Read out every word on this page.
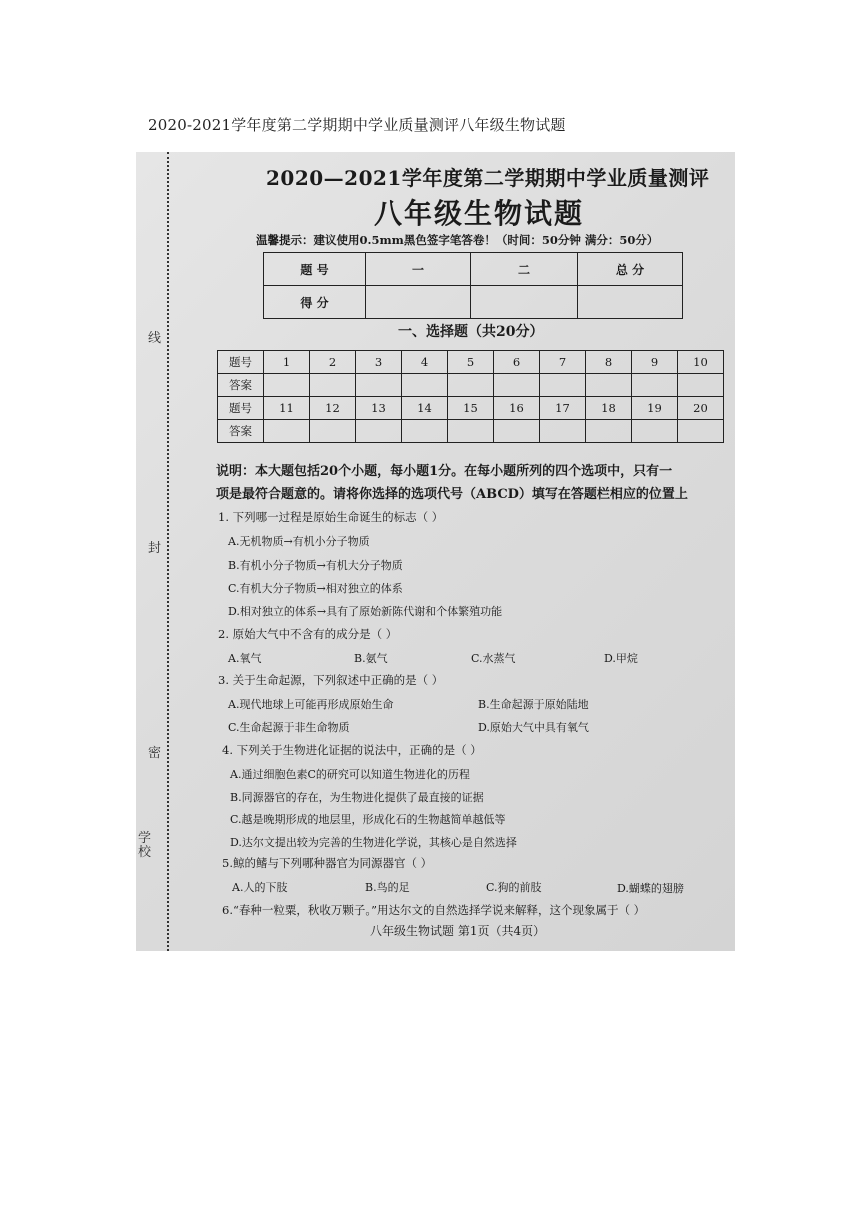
2020-2021学年度第二学期期中学业质量测评八年级生物试题
线
封
密
学校
2020—2021学年度第二学期期中学业质量测评
八年级生物试题
温馨提示：建议使用0.5mm黑色签字笔答卷！（时间：50分钟 满分：50分）
题 号	一	二	总 分
得 分			
一、选择题（共20分）
题号	1	2	3	4	5	6	7	8	9	10
答案										
题号	11	12	13	14	15	16	17	18	19	20
答案										
说明：本大题包括20个小题，每小题1分。在每小题所列的四个选项中，只有一
项是最符合题意的。请将你选择的选项代号（ABCD）填写在答题栏相应的位置上
1. 下列哪一过程是原始生命诞生的标志（ ）
A.无机物质→有机小分子物质
B.有机小分子物质→有机大分子物质
C.有机大分子物质→相对独立的体系
D.相对独立的体系→具有了原始新陈代谢和个体繁殖功能
2. 原始大气中不含有的成分是（ ）
A.氧气	B.氨气	C.水蒸气	D.甲烷
3. 关于生命起源，下列叙述中正确的是（ ）
A.现代地球上可能再形成原始生命	B.生命起源于原始陆地
C.生命起源于非生命物质	D.原始大气中具有氧气
4. 下列关于生物进化证据的说法中，正确的是（ ）
A.通过细胞色素C的研究可以知道生物进化的历程
B.同源器官的存在，为生物进化提供了最直接的证据
C.越是晚期形成的地层里，形成化石的生物越简单越低等
D.达尔文提出较为完善的生物进化学说，其核心是自然选择
5.鲸的鳍与下列哪种器官为同源器官（ ）
A.人的下肢	B.鸟的足	C.狗的前肢	D.蝴蝶的翅膀
6.“春种一粒粟，秋收万颗子。”用达尔文的自然选择学说来解释，这个现象属于（ ）
八年级生物试题 第1页（共4页）
